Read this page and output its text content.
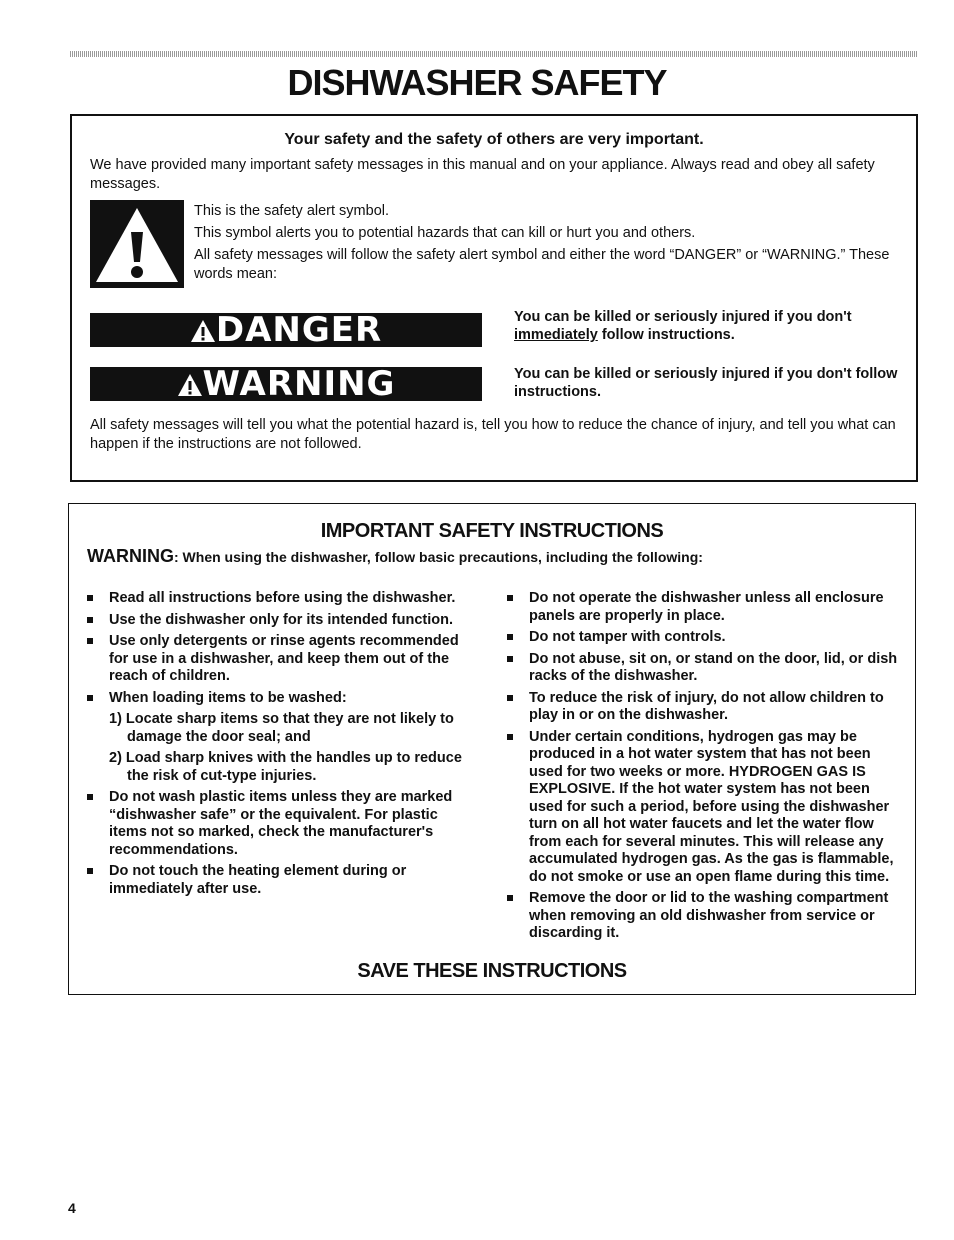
DISHWASHER SAFETY
Your safety and the safety of others are very important.

We have provided many important safety messages in this manual and on your appliance. Always read and obey all safety messages.

This is the safety alert symbol.

This symbol alerts you to potential hazards that can kill or hurt you and others.

All safety messages will follow the safety alert symbol and either the word “DANGER” or “WARNING.” These words mean:

DANGER	You can be killed or seriously injured if you don't immediately follow instructions.

WARNING	You can be killed or seriously injured if you don't follow instructions.

All safety messages will tell you what the potential hazard is, tell you how to reduce the chance of injury, and tell you what can happen if the instructions are not followed.

IMPORTANT SAFETY INSTRUCTIONS

WARNING: When using the dishwasher, follow basic precautions, including the following:

Read all instructions before using the dishwasher.

Use the dishwasher only for its intended function.

Use only detergents or rinse agents recommended for use in a dishwasher, and keep them out of the reach of children.

When loading items to be washed:

1) Locate sharp items so that they are not likely to damage the door seal; and

2) Load sharp knives with the handles up to reduce the risk of cut-type injuries.

Do not wash plastic items unless they are marked “dishwasher safe” or the equivalent. For plastic items not so marked, check the manufacturer's recommendations.

Do not touch the heating element during or immediately after use.

Do not operate the dishwasher unless all enclosure panels are properly in place.

Do not tamper with controls.

Do not abuse, sit on, or stand on the door, lid, or dish racks of the dishwasher.

To reduce the risk of injury, do not allow children to play in or on the dishwasher.

Under certain conditions, hydrogen gas may be produced in a hot water system that has not been used for two weeks or more. HYDROGEN GAS IS EXPLOSIVE. If the hot water system has not been used for such a period, before using the dishwasher turn on all hot water faucets and let the water flow from each for several minutes. This will release any accumulated hydrogen gas. As the gas is flammable, do not smoke or use an open flame during this time.

Remove the door or lid to the washing compartment when removing an old dishwasher from service or discarding it.

SAVE THESE INSTRUCTIONS

4
